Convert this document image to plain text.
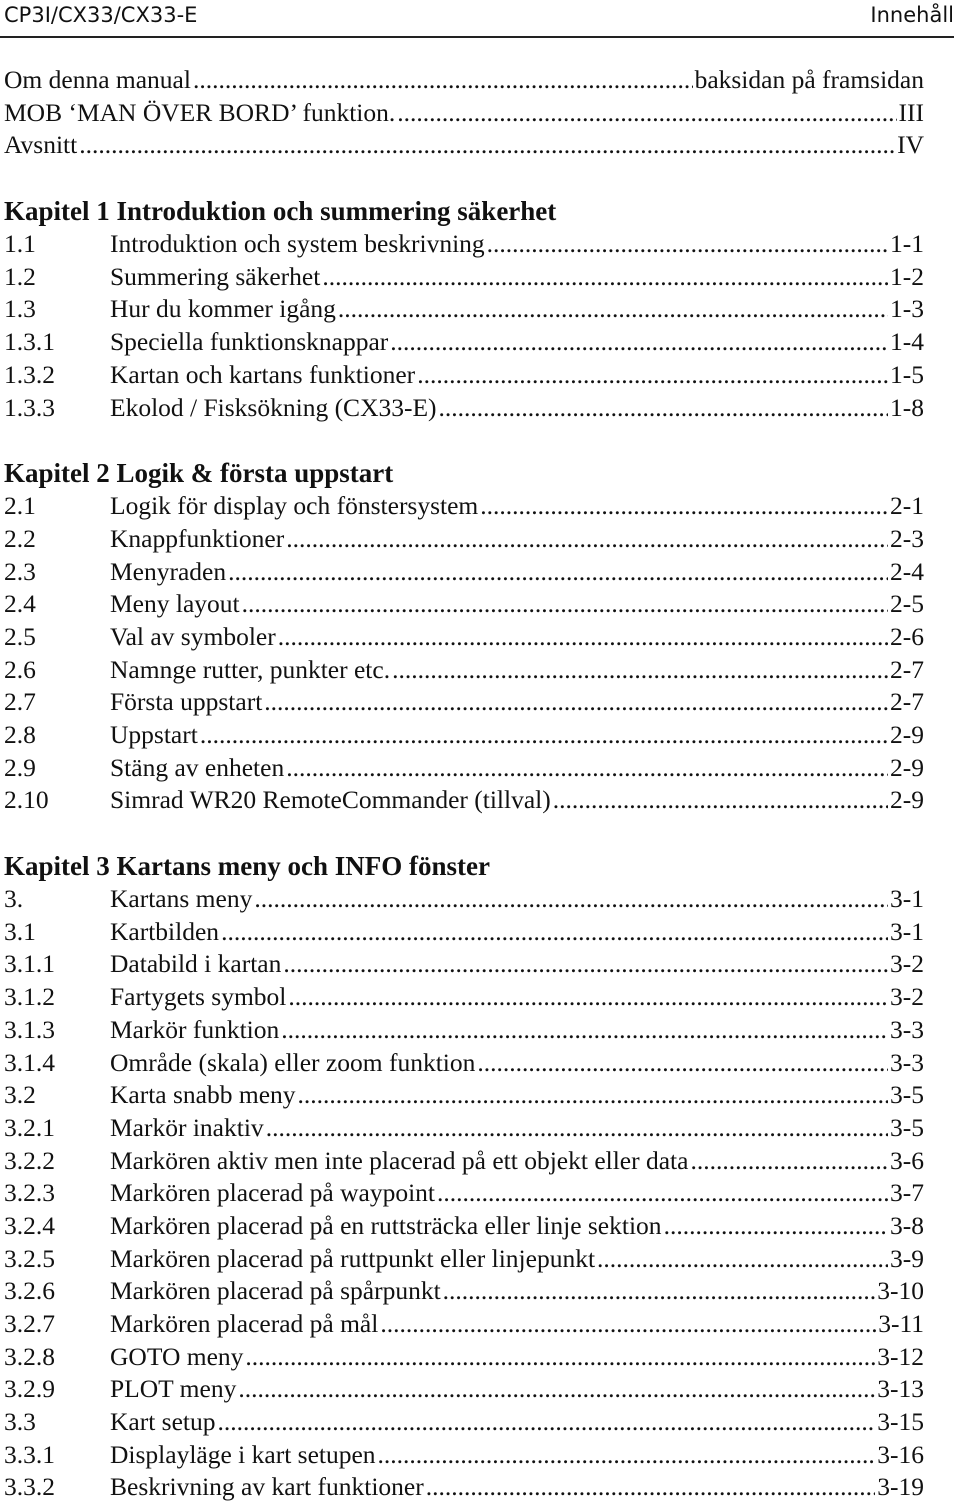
CP3I/CX33/CX33-E	Innehåll
Om denna manual .....	baksidan på framsidan
MOB ‘MAN ÖVER BORD’ funktion. .....	III
Avsnitt .....	IV
Kapitel 1 Introduktion och summering säkerhet
1.1	Introduktion och system beskrivning .....	1-1
1.2	Summering säkerhet .....	1-2
1.3	Hur du kommer igång .....	1-3
1.3.1	Speciella funktionsknappar .....	1-4
1.3.2	Kartan och kartans funktioner .....	1-5
1.3.3	Ekolod / Fisksökning (CX33-E) .....	1-8
Kapitel 2 Logik & första uppstart
2.1	Logik för display och fönstersystem .....	2-1
2.2	Knappfunktioner .....	2-3
2.3	Menyraden .....	2-4
2.4	Meny layout .....	2-5
2.5	Val av symboler .....	2-6
2.6	Namnge rutter, punkter etc. .....	2-7
2.7	Första uppstart .....	2-7
2.8	Uppstart .....	2-9
2.9	Stäng av enheten .....	2-9
2.10	Simrad WR20 RemoteCommander (tillval) .....	2-9
Kapitel 3 Kartans meny och INFO fönster
3.	Kartans meny .....	3-1
3.1	Kartbilden .....	3-1
3.1.1	Databild i kartan .....	3-2
3.1.2	Fartygets symbol .....	3-2
3.1.3	Markör funktion .....	3-3
3.1.4	Område (skala) eller zoom funktion .....	3-3
3.2	Karta snabb meny .....	3-5
3.2.1	Markör inaktiv .....	3-5
3.2.2	Markören aktiv men inte placerad på ett objekt eller data .....	3-6
3.2.3	Markören placerad på waypoint .....	3-7
3.2.4	Markören placerad på en ruttsträcka eller linje sektion .....	3-8
3.2.5	Markören placerad på ruttpunkt eller linjepunkt .....	3-9
3.2.6	Markören placerad på spårpunkt .....	3-10
3.2.7	Markören placerad på mål .....	3-11
3.2.8	GOTO meny .....	3-12
3.2.9	PLOT meny .....	3-13
3.3	Kart setup .....	3-15
3.3.1	Displayläge i kart setupen .....	3-16
3.3.2	Beskrivning av kart funktioner .....	3-19
